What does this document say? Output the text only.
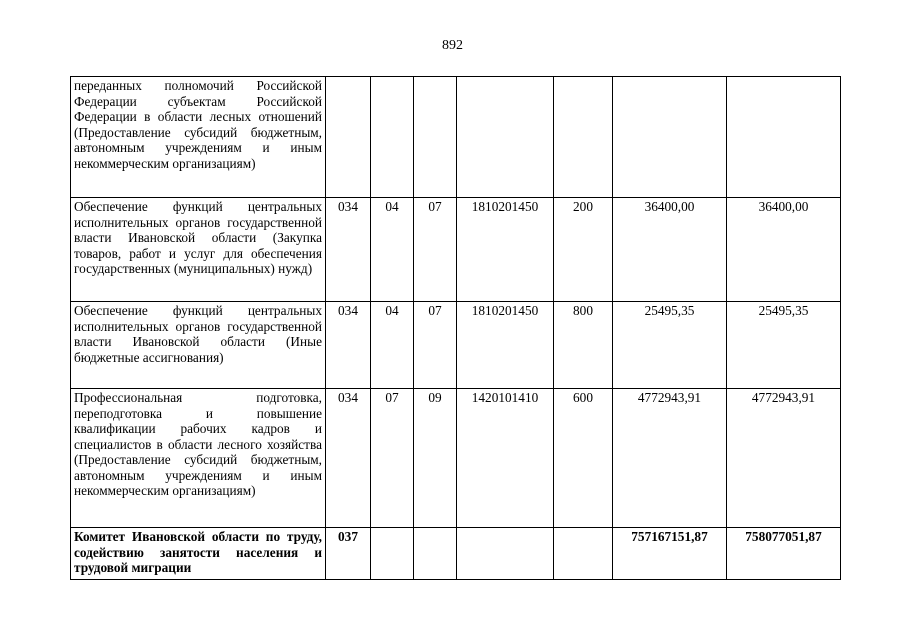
892
переданных полномочий Российской Федерации субъектам Российской Федерации в области лесных отношений (Предоставление субсидий бюджетным, автономным учреждениям и иным некоммерческим организациям)							
Обеспечение функций центральных исполнительных органов государственной власти Ивановской области (Закупка товаров, работ и услуг для обеспечения государственных (муниципальных) нужд)	034	04	07	1810201450	200	36400,00	36400,00
Обеспечение функций центральных исполнительных органов государственной власти Ивановской области (Иные бюджетные ассигнования)	034	04	07	1810201450	800	25495,35	25495,35
Профессиональная подготовка, переподготовка и повышение квалификации рабочих кадров и специалистов в области лесного хозяйства (Предоставление субсидий бюджетным, автономным учреждениям и иным некоммерческим организациям)	034	07	09	1420101410	600	4772943,91	4772943,91
Комитет Ивановской области по труду, содействию занятости населения и трудовой миграции	037					757167151,87	758077051,87
